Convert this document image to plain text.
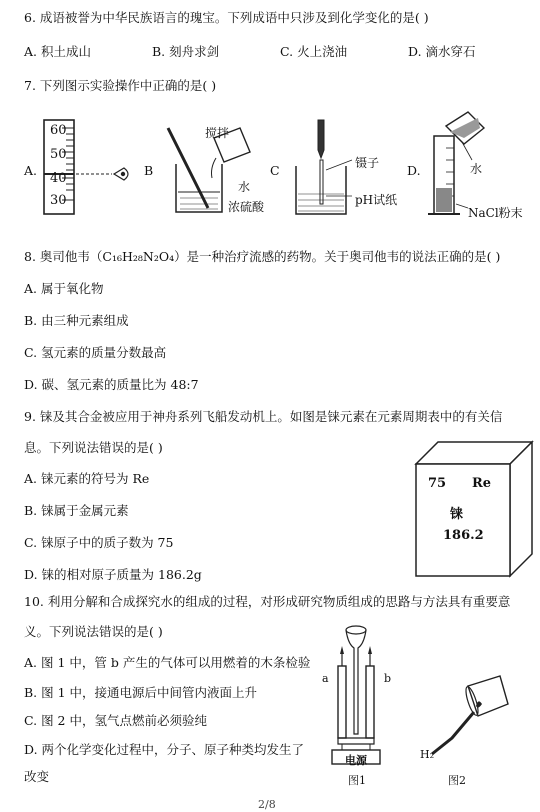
6. 成语被誉为中华民族语言的瑰宝。下列成语中只涉及到化学变化的是( )
A. 积土成山	B. 刻舟求剑	C. 火上浇油	D. 滴水穿石
7. 下列图示实验操作中正确的是( )
A.	B	C	D.
60
50
40
30
搅拌
水
浓硫酸
镊子
pH试纸
水
NaCl粉末
8. 奥司他韦（C₁₆H₂₈N₂O₄）是一种治疗流感的药物。关于奥司他韦的说法正确的是( )
A. 属于氧化物
B. 由三种元素组成
C. 氢元素的质量分数最高
D. 碳、氢元素的质量比为 48:7
9. 铼及其合金被应用于神舟系列飞船发动机上。如图是铼元素在元素周期表中的有关信
息。下列说法错误的是( )
A. 铼元素的符号为 Re
B. 铼属于金属元素
C. 铼原子中的质子数为 75
D. 铼的相对原子质量为 186.2g
75 Re
铼
186.2
10. 利用分解和合成探究水的组成的过程，对形成研究物质组成的思路与方法具有重要意
义。下列说法错误的是( )
A. 图 1 中，管 b 产生的气体可以用燃着的木条检验
B. 图 1 中，接通电源后中间管内液面上升
C. 图 2 中，氢气点燃前必须验纯
D. 两个化学变化过程中，分子、原子种类均发生了
改变
a	b
电源
图1
H₂
图2
2/8
